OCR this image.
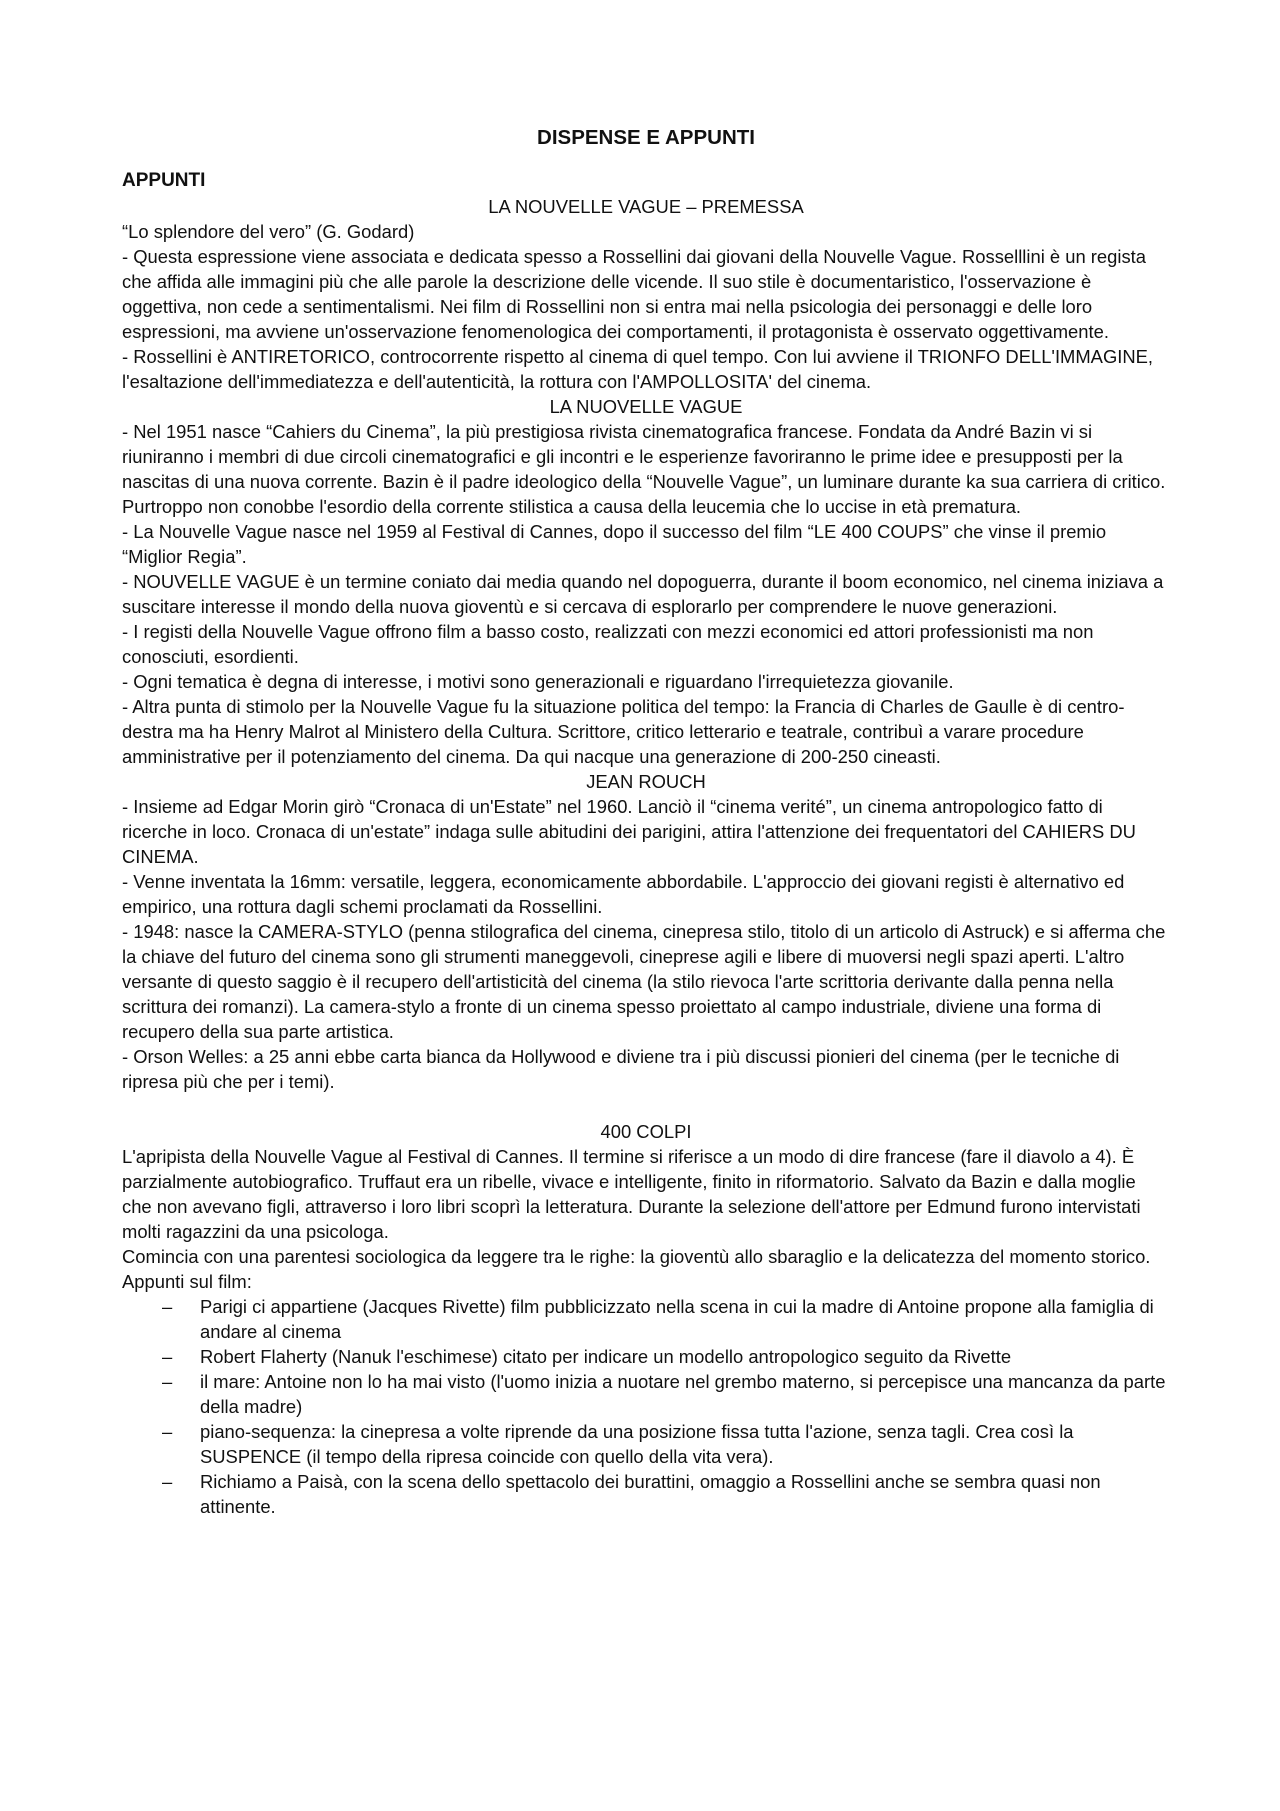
DISPENSE E APPUNTI
APPUNTI

LA NOUVELLE VAGUE – PREMESSA

“Lo splendore del vero” (G. Godard)

- Questa espressione viene associata e dedicata spesso a Rossellini dai giovani della Nouvelle Vague. Rosselllini è un regista che affida alle immagini più che alle parole la descrizione delle vicende. Il suo stile è documentaristico, l'osservazione è oggettiva, non cede a sentimentalismi. Nei film di Rossellini non si entra mai nella psicologia dei personaggi e delle loro espressioni, ma avviene un'osservazione fenomenologica dei comportamenti, il protagonista è osservato oggettivamente.

- Rossellini è ANTIRETORICO, controcorrente rispetto al cinema di quel tempo. Con lui avviene il TRIONFO DELL'IMMAGINE, l'esaltazione dell'immediatezza e dell'autenticità, la rottura con l'AMPOLLOSITA' del cinema.

LA NUOVELLE VAGUE

- Nel 1951 nasce “Cahiers du Cinema”, la più prestigiosa rivista cinematografica francese. Fondata da André Bazin vi si riuniranno i membri di due circoli cinematografici e gli incontri e le esperienze favoriranno le prime idee e presupposti per la nascitas di una nuova corrente. Bazin è il padre ideologico della “Nouvelle Vague”, un luminare durante ka sua carriera di critico. Purtroppo non conobbe l'esordio della corrente stilistica a causa della leucemia che lo uccise in età prematura.

- La Nouvelle Vague nasce nel 1959 al Festival di Cannes, dopo il successo del film “LE 400 COUPS” che vinse il premio “Miglior Regia”.

- NOUVELLE VAGUE è un termine coniato dai media quando nel dopoguerra, durante il boom economico, nel cinema iniziava a suscitare interesse il mondo della nuova gioventù e si cercava di esplorarlo per comprendere le nuove generazioni.

- I registi della Nouvelle Vague offrono film a basso costo, realizzati con mezzi economici ed attori professionisti ma non conosciuti, esordienti.

- Ogni tematica è degna di interesse, i motivi sono generazionali e riguardano l'irrequietezza giovanile.

- Altra punta di stimolo per la Nouvelle Vague fu la situazione politica del tempo: la Francia di Charles de Gaulle è di centro-destra ma ha Henry Malrot al Ministero della Cultura. Scrittore, critico letterario e teatrale, contribuì a varare procedure amministrative per il potenziamento del cinema. Da qui nacque una generazione di 200-250 cineasti.

JEAN ROUCH

- Insieme ad Edgar Morin girò “Cronaca di un'Estate” nel 1960. Lanciò il “cinema verité”, un cinema antropologico fatto di ricerche in loco. Cronaca di un'estate” indaga sulle abitudini dei parigini, attira l'attenzione dei frequentatori del CAHIERS DU CINEMA.

- Venne inventata la 16mm: versatile, leggera, economicamente abbordabile. L'approccio dei giovani registi è alternativo ed empirico, una rottura dagli schemi proclamati da Rossellini.

- 1948: nasce la CAMERA-STYLO (penna stilografica del cinema, cinepresa stilo, titolo di un articolo di Astruck) e si afferma che la chiave del futuro del cinema sono gli strumenti maneggevoli, cineprese agili e libere di muoversi negli spazi aperti. L'altro versante di questo saggio è il recupero dell'artisticità del cinema (la stilo rievoca l'arte scrittoria derivante dalla penna nella scrittura dei romanzi). La camera-stylo a fronte di un cinema spesso proiettato al campo industriale, diviene una forma di recupero della sua parte artistica.

- Orson Welles: a 25 anni ebbe carta bianca da Hollywood e diviene tra i più discussi pionieri del cinema (per le tecniche di ripresa più che per i temi).

400 COLPI

L'apripista della Nouvelle Vague al Festival di Cannes. Il termine si riferisce a un modo di dire francese (fare il diavolo a 4). È parzialmente autobiografico. Truffaut era un ribelle, vivace e intelligente, finito in riformatorio. Salvato da Bazin e dalla moglie che non avevano figli, attraverso i loro libri scoprì la letteratura. Durante la selezione dell'attore per Edmund furono intervistati molti ragazzini da una psicologa.

Comincia con una parentesi sociologica da leggere tra le righe: la gioventù allo sbaraglio e la delicatezza del momento storico.

Appunti sul film:

– Parigi ci appartiene (Jacques Rivette) film pubblicizzato nella scena in cui la madre di Antoine propone alla famiglia di andare al cinema
– Robert Flaherty (Nanuk l'eschimese) citato per indicare un modello antropologico seguito da Rivette
– il mare: Antoine non lo ha mai visto (l'uomo inizia a nuotare nel grembo materno, si percepisce una mancanza da parte della madre)
– piano-sequenza: la cinepresa a volte riprende da una posizione fissa tutta l'azione, senza tagli. Crea così la SUSPENCE (il tempo della ripresa coincide con quello della vita vera).
– Richiamo a Paisà, con la scena dello spettacolo dei burattini, omaggio a Rossellini anche se sembra quasi non attinente.
